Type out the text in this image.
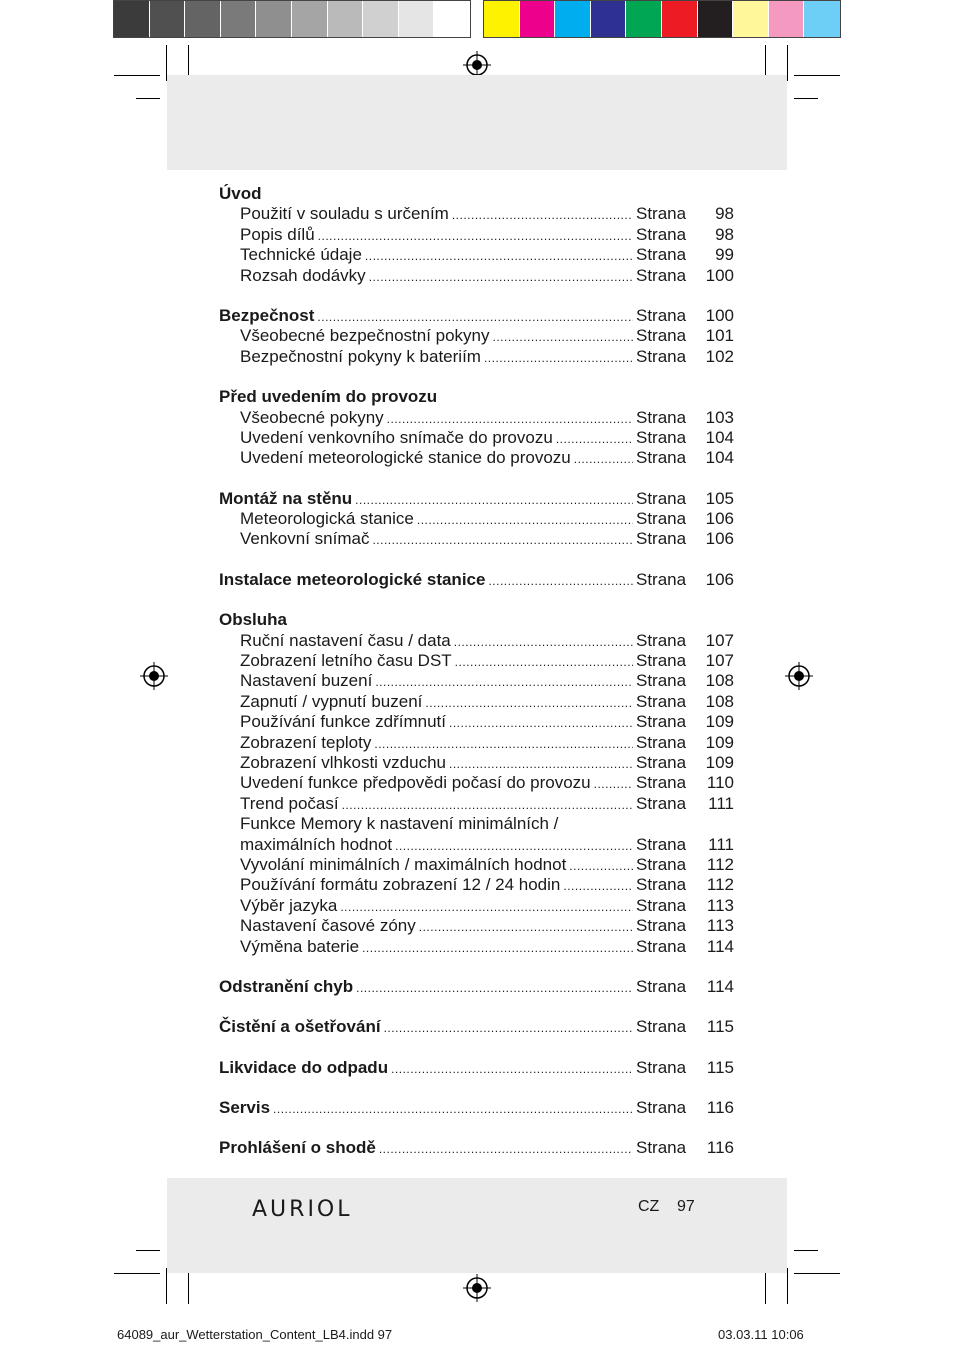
Úvod
Použití v souladu s určením .....	Strana	98
Popis dílů .....	Strana	98
Technické údaje .....	Strana	99
Rozsah dodávky .....	Strana	100
Bezpečnost .....	Strana	100
Všeobecné bezpečnostní pokyny .....	Strana	101
Bezpečnostní pokyny k bateriím .....	Strana	102
Před uvedením do provozu
Všeobecné pokyny .....	Strana	103
Uvedení venkovního snímače do provozu .....	Strana	104
Uvedení meteorologické stanice do provozu .....	Strana	104
Montáž na stěnu .....	Strana	105
Meteorologická stanice .....	Strana	106
Venkovní snímač .....	Strana	106
Instalace meteorologické stanice .....	Strana	106
Obsluha
Ruční nastavení času / data .....	Strana	107
Zobrazení letního času DST .....	Strana	107
Nastavení buzení .....	Strana	108
Zapnutí / vypnutí buzení .....	Strana	108
Používání funkce zdřímnutí .....	Strana	109
Zobrazení teploty .....	Strana	109
Zobrazení vlhkosti vzduchu .....	Strana	109
Uvedení funkce předpovědi počasí do provozu .....	Strana	110
Trend počasí .....	Strana	111
Funkce Memory k nastavení minimálních /
maximálních hodnot .....	Strana	111
Vyvolání minimálních / maximálních hodnot .....	Strana	112
Používání formátu zobrazení 12 / 24 hodin .....	Strana	112
Výběr jazyka .....	Strana	113
Nastavení časové zóny .....	Strana	113
Výměna baterie .....	Strana	114
Odstranění chyb .....	Strana	114
Čistění a ošetřování .....	Strana	115
Likvidace do odpadu .....	Strana	115
Servis .....	Strana	116
Prohlášení o shodě .....	Strana	116
AURIOL	CZ 97
64089_aur_Wetterstation_Content_LB4.indd 97	03.03.11 10:06
